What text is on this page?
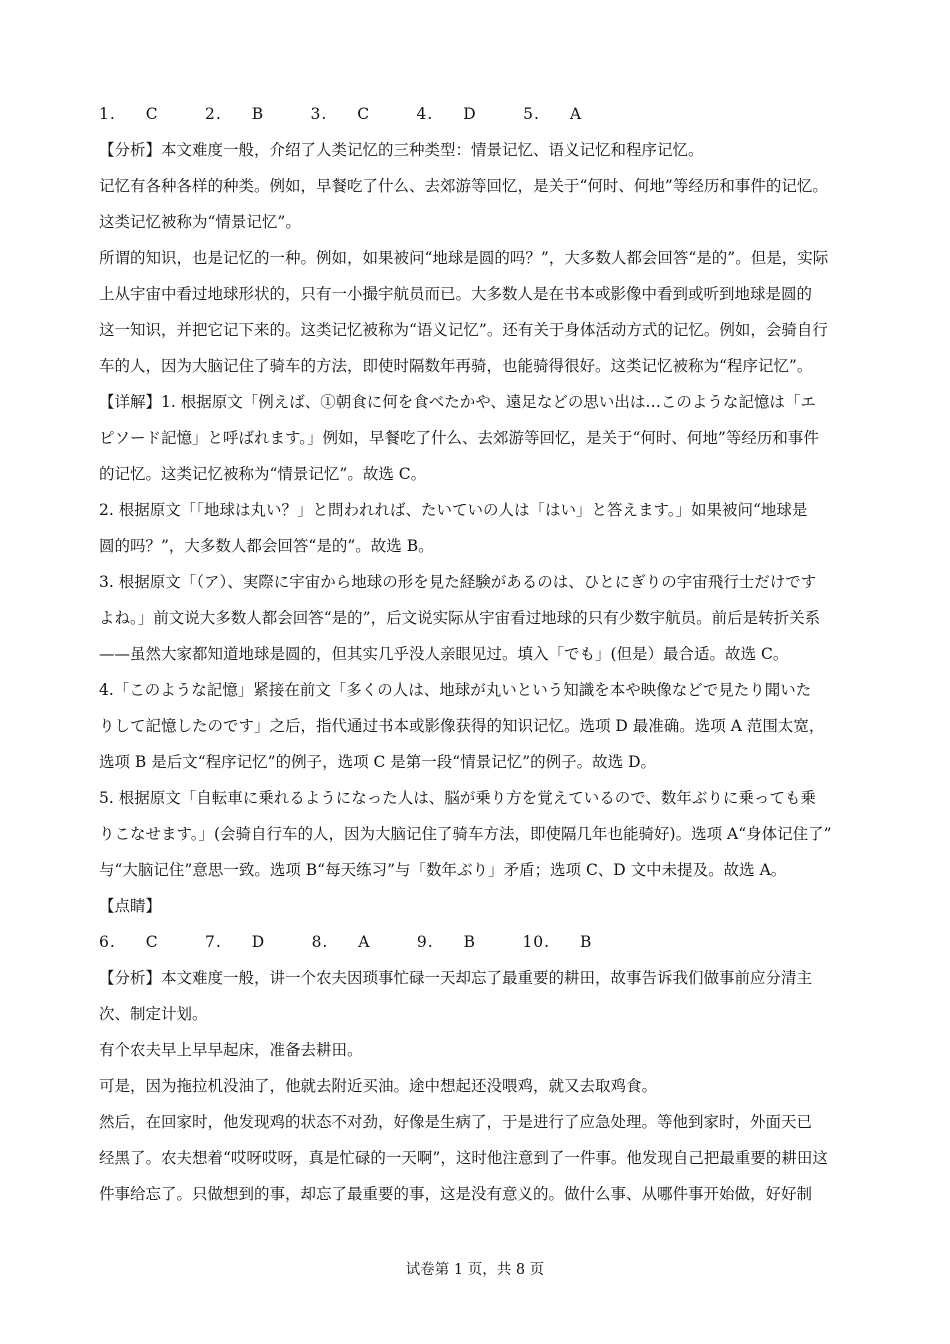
1. C　 2. B　 3. C　 4. D　 5. A
【分析】本文难度一般，介绍了人类记忆的三种类型：情景记忆、语义记忆和程序记忆。
记忆有各种各样的种类。例如，早餐吃了什么、去郊游等回忆，是关于“何时、何地”等经历和事件的记忆。
这类记忆被称为“情景记忆”。
所谓的知识，也是记忆的一种。例如，如果被问“地球是圆的吗？”，大多数人都会回答“是的”。但是，实际
上从宇宙中看过地球形状的，只有一小撮宇航员而已。大多数人是在书本或影像中看到或听到地球是圆的
这一知识，并把它记下来的。这类记忆被称为“语义记忆”。还有关于身体活动方式的记忆。例如，会骑自行
车的人，因为大脑记住了骑车的方法，即使时隔数年再骑，也能骑得很好。这类记忆被称为“程序记忆”。
【详解】1. 根据原文「例えば、①朝食に何を食べたかや、遠足などの思い出は…このような記憶は「エ
ピソード記憶」と呼ばれます。」例如，早餐吃了什么、去郊游等回忆，是关于“何时、何地”等经历和事件
的记忆。这类记忆被称为“情景记忆”。故选 C。
2. 根据原文「「地球は丸い？」と問われれば、たいていの人は「はい」と答えます。」如果被问“地球是
圆的吗？”，大多数人都会回答“是的”。故选 B。
3. 根据原文「（ア）、実際に宇宙から地球の形を見た経験があるのは、ひとにぎりの宇宙飛行士だけです
よね。」前文说大多数人都会回答“是的”，后文说实际从宇宙看过地球的只有少数宇航员。前后是转折关系
——虽然大家都知道地球是圆的，但其实几乎没人亲眼见过。填入「でも」(但是）最合适。故选 C。
4.「このような記憶」紧接在前文「多くの人は、地球が丸いという知識を本や映像などで見たり聞いた
りして記憶したのです」之后，指代通过书本或影像获得的知识记忆。选项 D 最准确。选项 A 范围太宽，
选项 B 是后文“程序记忆”的例子，选项 C 是第一段“情景记忆”的例子。故选 D。
5. 根据原文「自転車に乗れるようになった人は、脳が乗り方を覚えているので、数年ぶりに乗っても乗
りこなせます。」(会骑自行车的人，因为大脑记住了骑车方法，即使隔几年也能骑好)。选项 A“身体记住了”
与“大脑记住”意思一致。选项 B“每天练习”与「数年ぶり」矛盾；选项 C、D 文中未提及。故选 A。
【点睛】
6. C　 7. D　 8. A　 9. B　 10. B
【分析】本文难度一般，讲一个农夫因琐事忙碌一天却忘了最重要的耕田，故事告诉我们做事前应分清主
次、制定计划。
有个农夫早上早早起床，准备去耕田。
可是，因为拖拉机没油了，他就去附近买油。途中想起还没喂鸡，就又去取鸡食。
然后，在回家时，他发现鸡的状态不对劲，好像是生病了，于是进行了应急处理。等他到家时，外面天已
经黑了。农夫想着“哎呀哎呀，真是忙碌的一天啊”，这时他注意到了一件事。他发现自己把最重要的耕田这
件事给忘了。只做想到的事，却忘了最重要的事，这是没有意义的。做什么事、从哪件事开始做，好好制
试卷第 1 页，共 8 页
